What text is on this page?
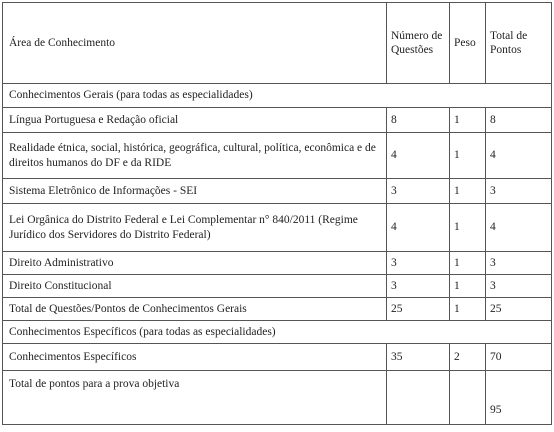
Área de Conhecimento	Número de Questões	Peso	Total de Pontos
Conhecimentos Gerais (para todas as especialidades)			
Língua Portuguesa e Redação oficial	8	1	8
Realidade étnica, social, histórica, geográfica, cultural, política, econômica e de direitos humanos do DF e da RIDE	4	1	4
Sistema Eletrônico de Informações - SEI	3	1	3
Lei Orgânica do Distrito Federal e Lei Complementar n° 840/2011 (Regime Jurídico dos Servidores do Distrito Federal)	4	1	4
Direito Administrativo	3	1	3
Direito Constitucional	3	1	3
Total de Questões/Pontos de Conhecimentos Gerais	25	1	25
Conhecimentos Específicos (para todas as especialidades)			
Conhecimentos Específicos	35	2	70
Total de pontos para a prova objetiva			95
